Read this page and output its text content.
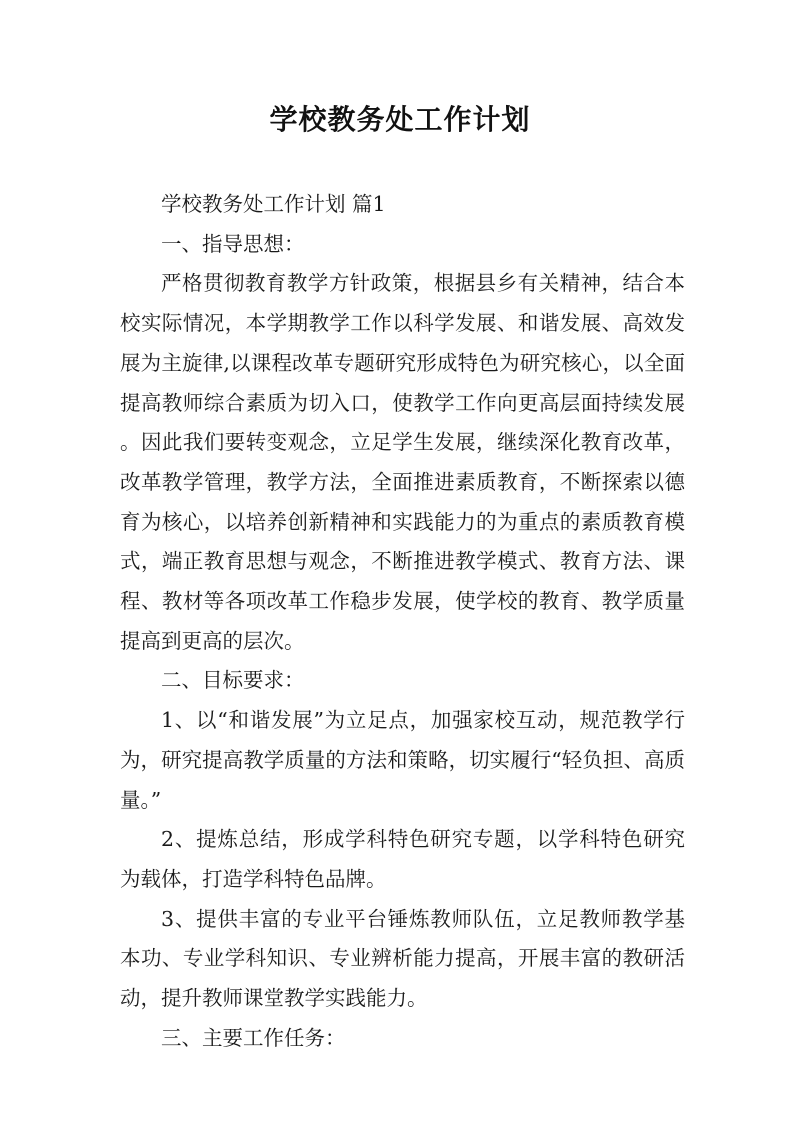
学校教务处工作计划

学校教务处工作计划 篇1

一、指导思想：

严格贯彻教育教学方针政策，根据县乡有关精神，结合本校实际情况，本学期教学工作以科学发展、和谐发展、高效发展为主旋律,以课程改革专题研究形成特色为研究核心，以全面提高教师综合素质为切入口，使教学工作向更高层面持续发展。因此我们要转变观念，立足学生发展，继续深化教育改革，改革教学管理，教学方法，全面推进素质教育，不断探索以德育为核心，以培养创新精神和实践能力的为重点的素质教育模式，端正教育思想与观念，不断推进教学模式、教育方法、课程、教材等各项改革工作稳步发展，使学校的教育、教学质量提高到更高的层次。

二、目标要求：

1、以“和谐发展”为立足点，加强家校互动，规范教学行为，研究提高教学质量的方法和策略，切实履行“轻负担、高质量。”

2、提炼总结，形成学科特色研究专题，以学科特色研究为载体，打造学科特色品牌。

3、提供丰富的专业平台锤炼教师队伍，立足教师教学基本功、专业学科知识、专业辨析能力提高，开展丰富的教研活动，提升教师课堂教学实践能力。

三、主要工作任务：
